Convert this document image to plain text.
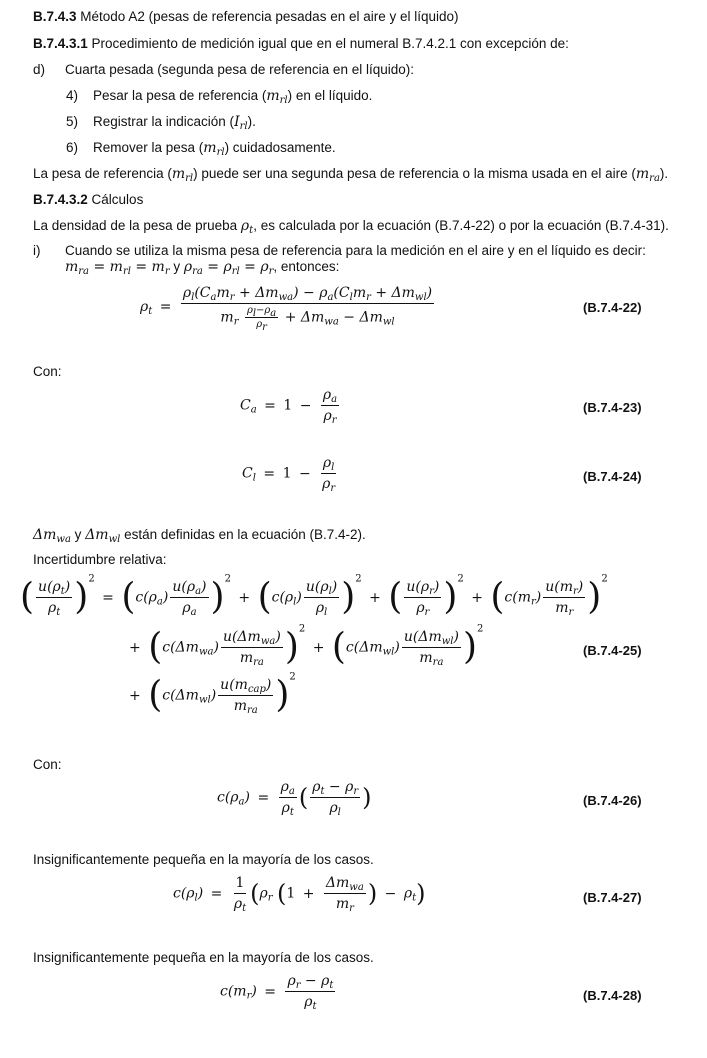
B.7.4.3 Método A2 (pesas de referencia pesadas en el aire y el líquido)
B.7.4.3.1 Procedimiento de medición igual que en el numeral B.7.4.2.1 con excepción de:
d) Cuarta pesada (segunda pesa de referencia en el líquido):
4) Pesar la pesa de referencia $(m_{rl})$ en el líquido.
5) Registrar la indicación $(I_{rl})$.
6) Remover la pesa $(m_{rl})$ cuidadosamente.
La pesa de referencia $(m_{rl})$ puede ser una segunda pesa de referencia o la misma usada en el aire $(m_{ra})$.
B.7.4.3.2 Cálculos
La densidad de la pesa de prueba $\rho_t$, es calculada por la ecuación (B.7.4-22) o por la ecuación (B.7.4-31).
i) Cuando se utiliza la misma pesa de referencia para la medición en el aire y en el líquido es decir:
$m_{ra} = m_{rl} = m_r$ y $\rho_{ra} = \rho_{rl} = \rho_r$, entonces:
$\rho_t = \frac{\rho_l(C_am_r + \Delta m_{wa}) - \rho_a(C_lm_r + \Delta m_{wl})}{m_r \frac{\rho_l-\rho_a}{\rho_r} + \Delta m_{wa} - \Delta m_{wl}}$	(B.7.4-22)
Con:
$C_a = 1 - \frac{\rho_a}{\rho_r}$	(B.7.4-23)
$C_l = 1 - \frac{\rho_l}{\rho_r}$	(B.7.4-24)
$\Delta m_{wa}$ y $\Delta m_{wl}$ están definidas en la ecuación (B.7.4-2).
Incertidumbre relativa:
( $\frac{u(\rho_t)}{\rho_t} )^2 = (c(\rho_a) \frac{u(\rho_a)}{\rho_a} )^2 + (c(\rho_l) \frac{u(\rho_l)}{\rho_l} )^2$ + ( $\frac{u(\rho_r)}{\rho_r} )^2 + (c(m_r) \frac{u(m_r)}{m_r} )^2$
+ $(c(\Delta m_{wa}) \frac{u(\Delta m_{wa})}{m_{ra}} )^2 + (c(\Delta m_{wl}) \frac{u(\Delta m_{wl})}{m_{ra}} )^2$
(B.7.4-25)
+ $(c(\Delta m_{wl}) \frac{u(m_{cap})}{m_{ra}} )^2$
Con:
$c(\rho_a) = \frac{\rho_a}{\rho_t}$ ( $\frac{\rho_t - \rho_r}{\rho_l}$ )	(B.7.4-26)
Insignificantemente pequeña en la mayoría de los casos.
$c(\rho_l) = \frac{1}{\rho_t} (\rho_r$ ($1 + \frac{\Delta m_{wa}}{m_r}$ ) − $\rho_t$)	(B.7.4-27)
Insignificantemente pequeña en la mayoría de los casos.
$c(m_r) = \frac{\rho_r - \rho_t}{\rho_t}$	(B.7.4-28)
